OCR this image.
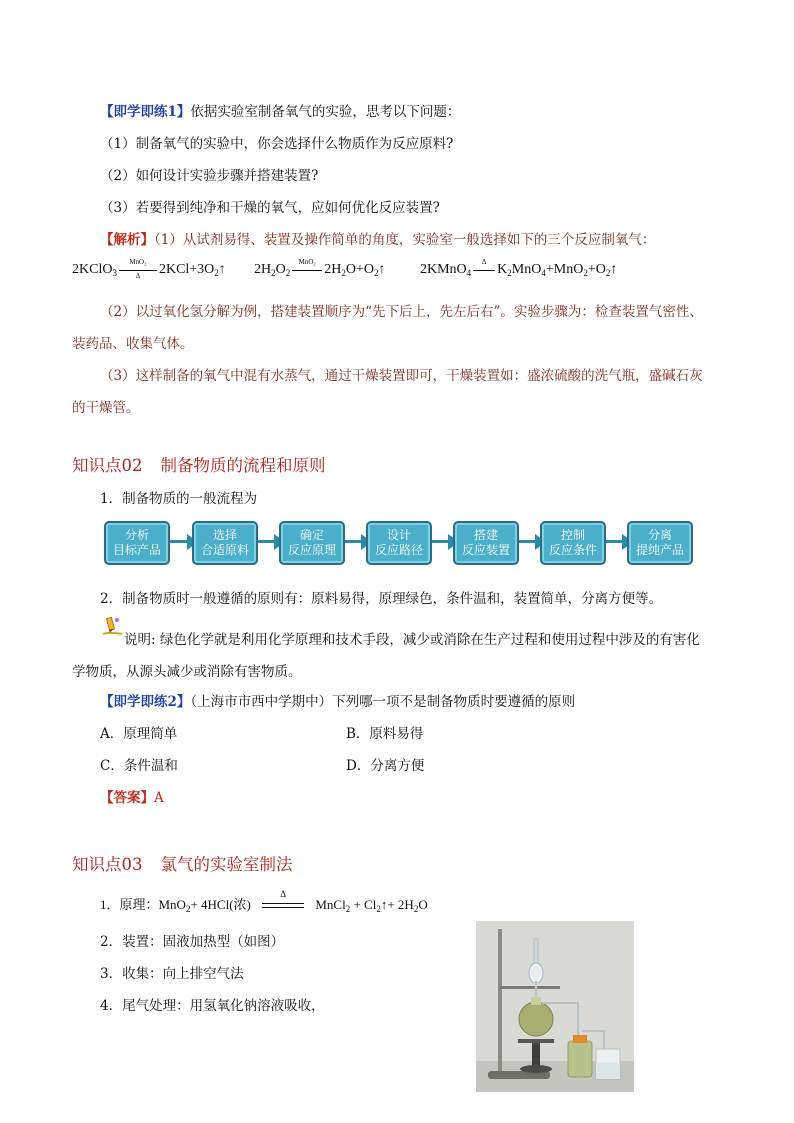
【即学即练1】依据实验室制备氧气的实验，思考以下问题：
（1）制备氧气的实验中，你会选择什么物质作为反应原料?
（2）如何设计实验步骤并搭建装置?
（3）若要得到纯净和干燥的氧气，应如何优化反应装置?
【解析】（1）从试剂易得、装置及操作简单的角度，实验室一般选择如下的三个反应制氧气：
2KClO$_3$
MnO₂
Δ	$2KCl+3O_2↑$ $2H_2O_2$
MnO₂
$2H_2O+O_2↑$ 2KMnO$_4$
Δ
$K_2MnO_4+MnO_2+O_2↑$
（2）以过氧化氢分解为例，搭建装置顺序为“先下后上，先左后右”。实验步骤为：检查装置气密性、
装药品、收集气体。
（3）这样制备的氧气中混有水蒸气，通过干燥装置即可，干燥装置如：盛浓硫酸的洗气瓶，盛碱石灰
的干燥管。
知识点02 制备物质的流程和原则
1．制备物质的一般流程为
分析
目标产品
选择
合适原料
确定
反应原理
设计
反应路径
搭建
反应装置
控制
反应条件
分离
提纯产品
2．制备物质时一般遵循的原则有：原料易得，原理绿色，条件温和，装置简单，分离方便等。
说明: 绿色化学就是利用化学原理和技术手段，减少或消除在生产过程和使用过程中涉及的有害化
学物质，从源头减少或消除有害物质。
【即学即练2】（上海市市西中学期中）下列哪一项不是制备物质时要遵循的原则
A．原理简单	B．原料易得
C．条件温和	D．分离方便
【答案】A
知识点03 氯气的实验室制法
1．原理：MnO$_2$+ 4HCl(浓)
Δ
MnCl$_2$ + $Cl_2↑+ 2H_2O$
2．装置：固液加热型（如图）
3．收集：向上排空气法
4．尾气处理：用氢氧化钠溶液吸收，
